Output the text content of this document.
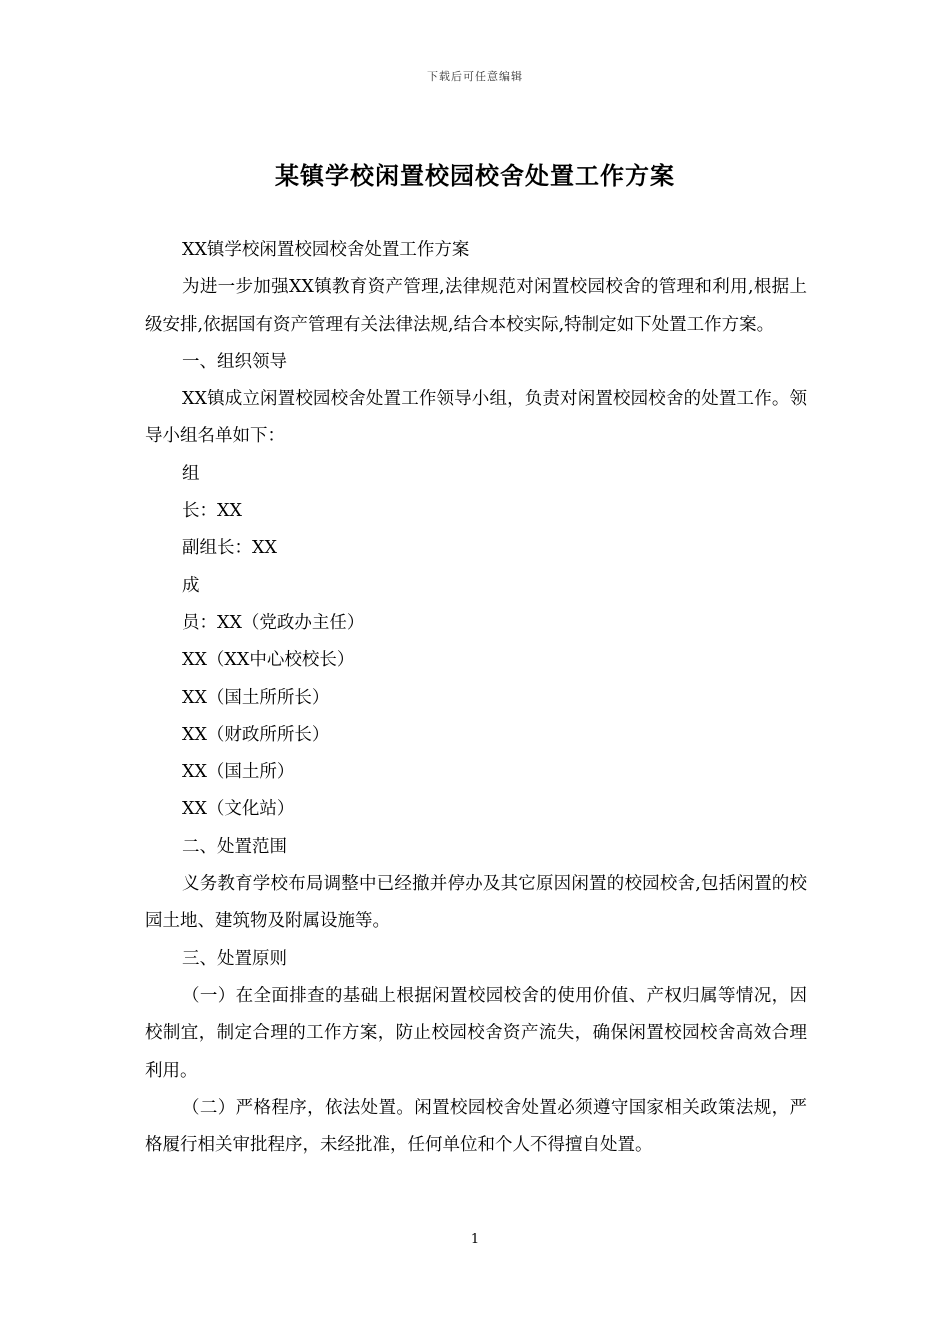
下载后可任意编辑
某镇学校闲置校园校舍处置工作方案

XX镇学校闲置校园校舍处置工作方案

为进一步加强XX镇教育资产管理,法律规范对闲置校园校舍的管理和利用,根据上级安排,依据国有资产管理有关法律法规,结合本校实际,特制定如下处置工作方案。

一、组织领导

XX镇成立闲置校园校舍处置工作领导小组，负责对闲置校园校舍的处置工作。领导小组名单如下：

组

长：XX

副组长：XX

成

员：XX（党政办主任）

XX（XX中心校校长）

XX（国土所所长）

XX（财政所所长）

XX（国土所）

XX（文化站）

二、处置范围

义务教育学校布局调整中已经撤并停办及其它原因闲置的校园校舍,包括闲置的校园土地、建筑物及附属设施等。

三、处置原则

（一）在全面排查的基础上根据闲置校园校舍的使用价值、产权归属等情况，因校制宜，制定合理的工作方案，防止校园校舍资产流失，确保闲置校园校舍高效合理利用。

（二）严格程序，依法处置。闲置校园校舍处置必须遵守国家相关政策法规，严格履行相关审批程序，未经批准，任何单位和个人不得擅自处置。

1
